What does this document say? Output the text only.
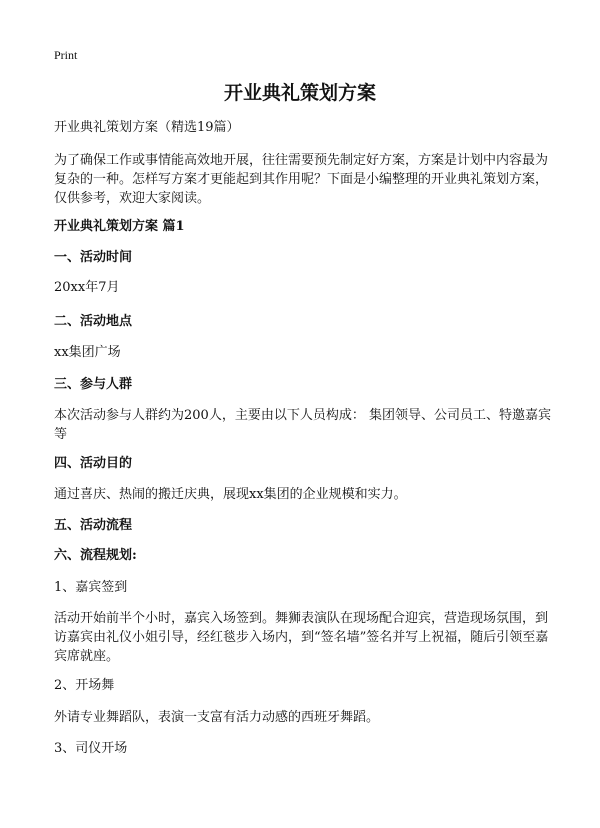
Print
开业典礼策划方案

开业典礼策划方案（精选19篇）

为了确保工作或事情能高效地开展，往往需要预先制定好方案，方案是计划中内容最为复杂的一种。怎样写方案才更能起到其作用呢？下面是小编整理的开业典礼策划方案，仅供参考，欢迎大家阅读。

开业典礼策划方案 篇1

一、活动时间

20xx年7月

二、活动地点

xx集团广场

三、参与人群

本次活动参与人群约为200人，主要由以下人员构成： 集团领导、公司员工、特邀嘉宾等

四、活动目的

通过喜庆、热闹的搬迁庆典，展现xx集团的企业规模和实力。

五、活动流程

六、流程规划:

1、嘉宾签到

活动开始前半个小时，嘉宾入场签到。舞狮表演队在现场配合迎宾，营造现场氛围，到访嘉宾由礼仪小姐引导，经红毯步入场内，到“签名墙”签名并写上祝福，随后引领至嘉宾席就座。

2、开场舞

外请专业舞蹈队，表演一支富有活力动感的西班牙舞蹈。

3、司仪开场
